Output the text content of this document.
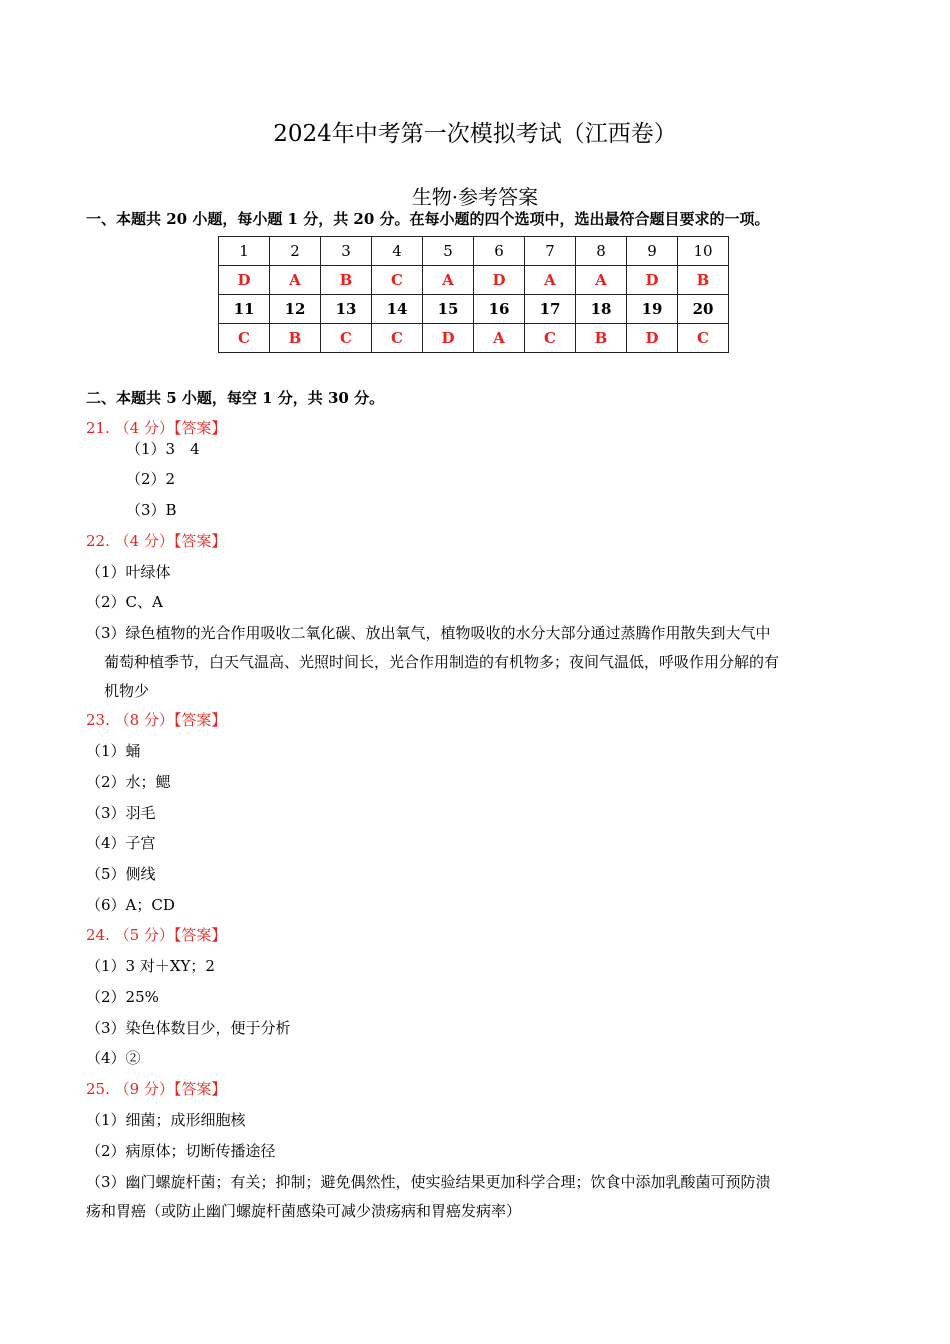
2024年中考第一次模拟考试（江西卷）
生物·参考答案
一、本题共 20 小题，每小题 1 分，共 20 分。在每小题的四个选项中，选出最符合题目要求的一项。
1	2	3	4	5	6	7	8	9	10
D	A	B	C	A	D	A	A	D	B
11	12	13	14	15	16	17	18	19	20
C	B	C	C	D	A	C	B	D	C
二、本题共 5 小题，每空 1 分，共 30 分。
21. （4 分）【答案】
（1）3　4
（2）2
（3）B
22. （4 分）【答案】
（1）叶绿体
（2）C、A
（3）绿色植物的光合作用吸收二氧化碳、放出氧气，植物吸收的水分大部分通过蒸腾作用散失到大气中
葡萄种植季节，白天气温高、光照时间长，光合作用制造的有机物多；夜间气温低，呼吸作用分解的有
机物少
23. （8 分）【答案】
（1）蛹
（2）水；鳃
（3）羽毛
（4）子宫
（5）侧线
（6）A；CD
24. （5 分）【答案】
（1）3 对＋XY；2
（2）25%
（3）染色体数目少，便于分析
（4）②
25. （9 分）【答案】
（1）细菌；成形细胞核
（2）病原体；切断传播途径
（3）幽门螺旋杆菌；有关；抑制；避免偶然性，使实验结果更加科学合理；饮食中添加乳酸菌可预防溃
疡和胃癌（或防止幽门螺旋杆菌感染可减少溃疡病和胃癌发病率）
